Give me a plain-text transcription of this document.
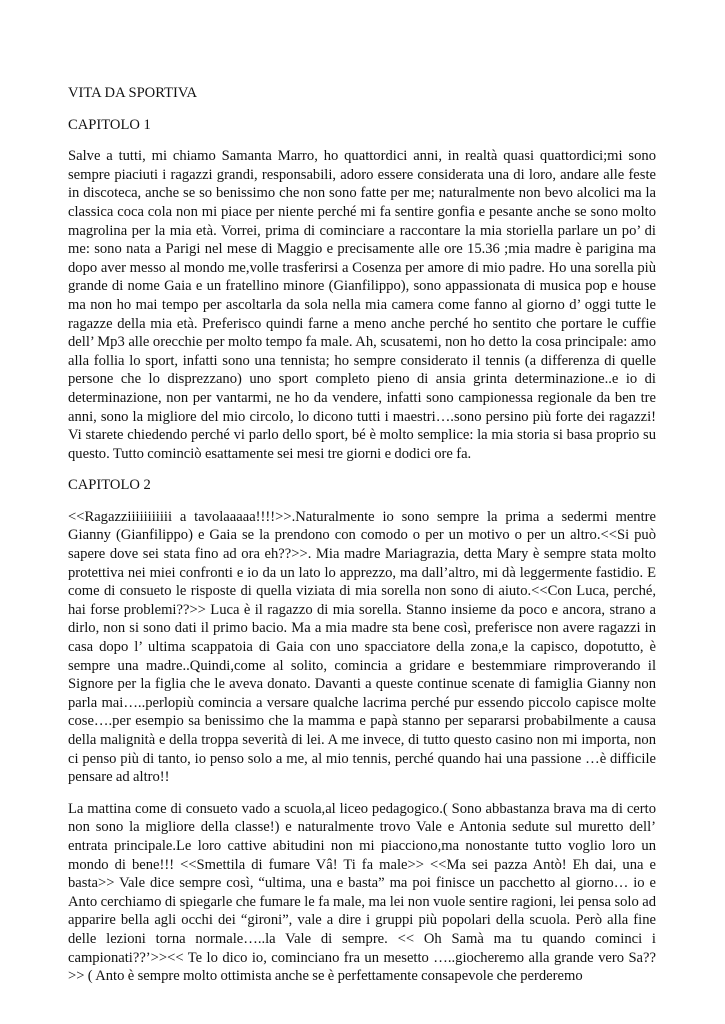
VITA DA SPORTIVA

CAPITOLO 1

Salve a tutti, mi chiamo Samanta Marro, ho quattordici anni, in realtà quasi quattordici;mi sono sempre piaciuti i ragazzi grandi, responsabili, adoro essere considerata una di loro, andare alle feste in discoteca, anche se so benissimo che non sono fatte per me; naturalmente non bevo alcolici ma la classica coca cola non mi piace per niente perché mi fa sentire gonfia e pesante anche se sono molto magrolina per la mia età. Vorrei, prima di cominciare a raccontare la mia storiella parlare un po’ di me: sono nata a Parigi nel mese di Maggio e precisamente alle ore 15.36 ;mia madre è parigina ma dopo aver messo al mondo me,volle trasferirsi a Cosenza per amore di mio padre. Ho una sorella più grande di nome Gaia e un fratellino minore (Gianfilippo), sono appassionata di musica pop e house ma non ho mai tempo per ascoltarla da sola nella mia camera come fanno al giorno d’ oggi tutte le ragazze della mia età. Preferisco quindi farne a meno anche perché ho sentito che portare le cuffie dell’ Mp3 alle orecchie per molto tempo fa male. Ah, scusatemi, non ho detto la cosa principale: amo alla follia lo sport, infatti sono una tennista; ho sempre considerato il tennis (a differenza di quelle persone che lo disprezzano) uno sport completo pieno di ansia grinta determinazione..e io di determinazione, non per vantarmi, ne ho da vendere, infatti sono campionessa regionale da ben tre anni, sono la migliore del mio circolo, lo dicono tutti i maestri….sono persino più forte dei ragazzi! Vi starete chiedendo perché vi parlo dello sport, bé è molto semplice: la mia storia si basa proprio su questo. Tutto cominciò esattamente sei mesi tre giorni e dodici ore fa.

CAPITOLO 2

<<Ragazziiiiiiiiiii a tavolaaaaa!!!!>>.Naturalmente io sono sempre la prima a sedermi mentre Gianny (Gianfilippo) e Gaia se la prendono con comodo o per un motivo o per un altro.<<Si può sapere dove sei stata fino ad ora eh??>>. Mia madre Mariagrazia, detta Mary è sempre stata molto protettiva nei miei confronti e io da un lato lo apprezzo, ma dall’altro, mi dà leggermente fastidio. E come di consueto le risposte di quella viziata di mia sorella non sono di aiuto.<<Con Luca, perché, hai forse problemi??>> Luca è il ragazzo di mia sorella. Stanno insieme da poco e ancora, strano a dirlo, non si sono dati il primo bacio. Ma a mia madre sta bene così, preferisce non avere ragazzi in casa dopo l’ ultima scappatoia di Gaia con uno spacciatore della zona,e la capisco, dopotutto, è sempre una madre..Quindi,come al solito, comincia a gridare e bestemmiare rimproverando il Signore per la figlia che le aveva donato. Davanti a queste continue scenate di famiglia Gianny non parla mai…..perlopiù comincia a versare qualche lacrima perché pur essendo piccolo capisce molte cose….per esempio sa benissimo che la mamma e papà stanno per separarsi probabilmente a causa della malignità e della troppa severità di lei. A me invece, di tutto questo casino non mi importa, non ci penso più di tanto, io penso solo a me, al mio tennis, perché quando hai una passione …è difficile pensare ad altro!!

La mattina come di consueto vado a scuola,al liceo pedagogico.( Sono abbastanza brava ma di certo non sono la migliore della classe!) e naturalmente trovo Vale e Antonia sedute sul muretto dell’ entrata principale.Le loro cattive abitudini non mi piacciono,ma nonostante tutto voglio loro un mondo di bene!!! <<Smettila di fumare Vâ! Ti fa male>> <<Ma sei pazza Antò! Eh dai, una e basta>> Vale dice sempre così, “ultima, una e basta” ma poi finisce un pacchetto al giorno… io e Anto cerchiamo di spiegarle che fumare le fa male, ma lei non vuole sentire ragioni, lei pensa solo ad apparire bella agli occhi dei “gironi”, vale a dire i gruppi più popolari della scuola. Però alla fine delle lezioni torna normale…..la Vale di sempre. << Oh Samà ma tu quando cominci i campionati??’>><< Te lo dico io, cominciano fra un mesetto …..giocheremo alla grande vero Sa??>> ( Anto è sempre molto ottimista anche se è perfettamente consapevole che perderemo
